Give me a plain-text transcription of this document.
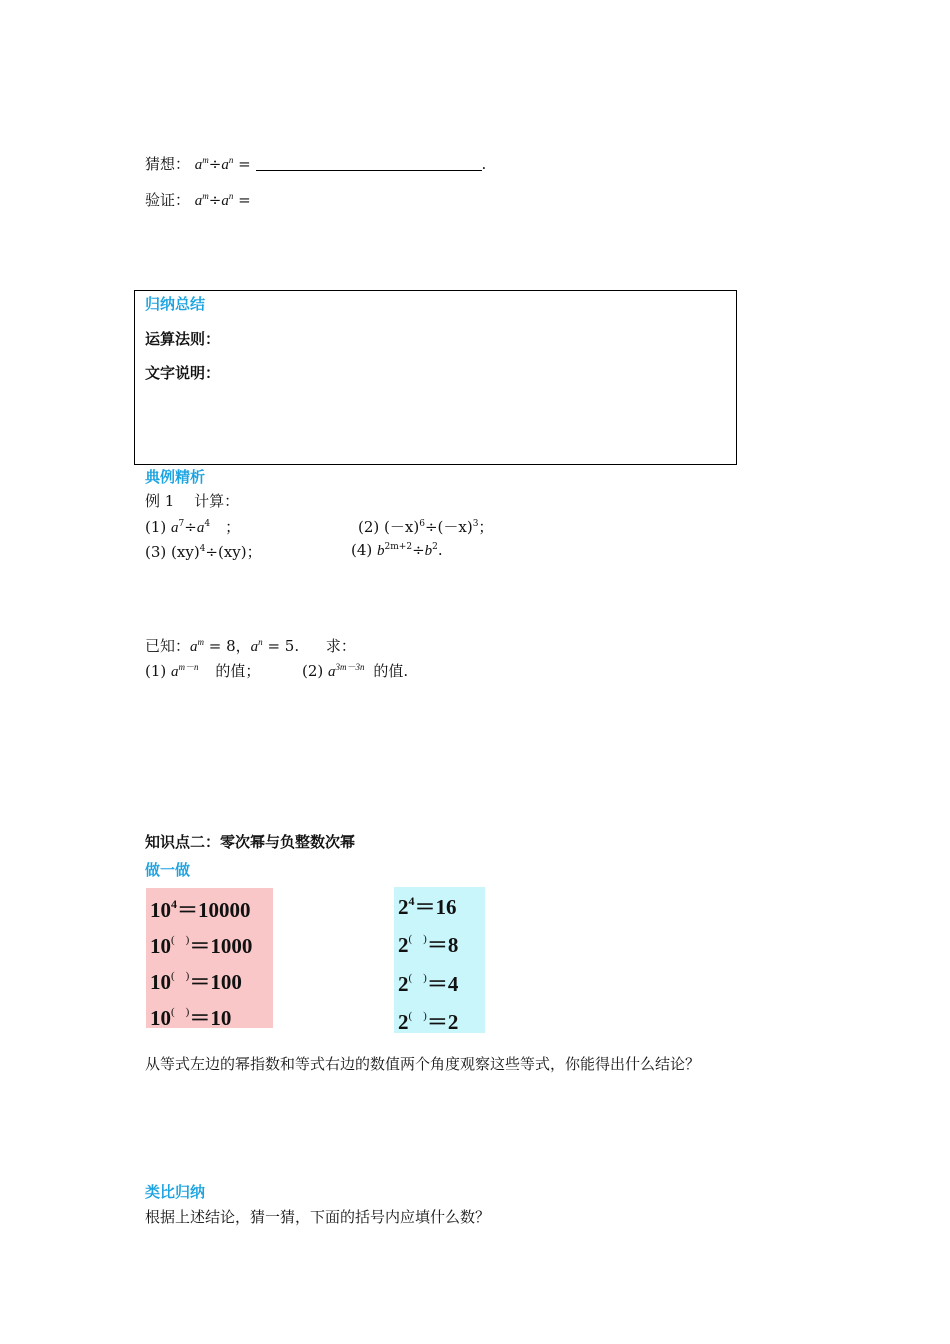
猜想： $a^m\div a^n$ =	.
验证： $a^m\div a^n$ =
归纳总结
运算法则：
文字说明：
典例精析
例 1　 计算：
(1) $a^7\div a^4$　；	(2) $(-x)^6\div(-x)^3$；
(3) (xy)$^4$÷(xy)；	(4) $b^{2m+2}\div b^2$.
已知：$a^m = 8$，$a^n = 5$. 求：
(1) $a^{m-n}$ 的值；	(2) $a^{3m-3n}$ 的值.
知识点二：零次幂与负整数次幂
做一做
$10^4=10000$
10(　)＝1000
10(　)＝100
10(　)＝10
$2^4=16$
2(　)＝8
2(　)＝4
2(　)＝2
从等式左边的幂指数和等式右边的数值两个角度观察这些等式，你能得出什么结论？
类比归纳
根据上述结论，猜一猜，下面的括号内应填什么数？
